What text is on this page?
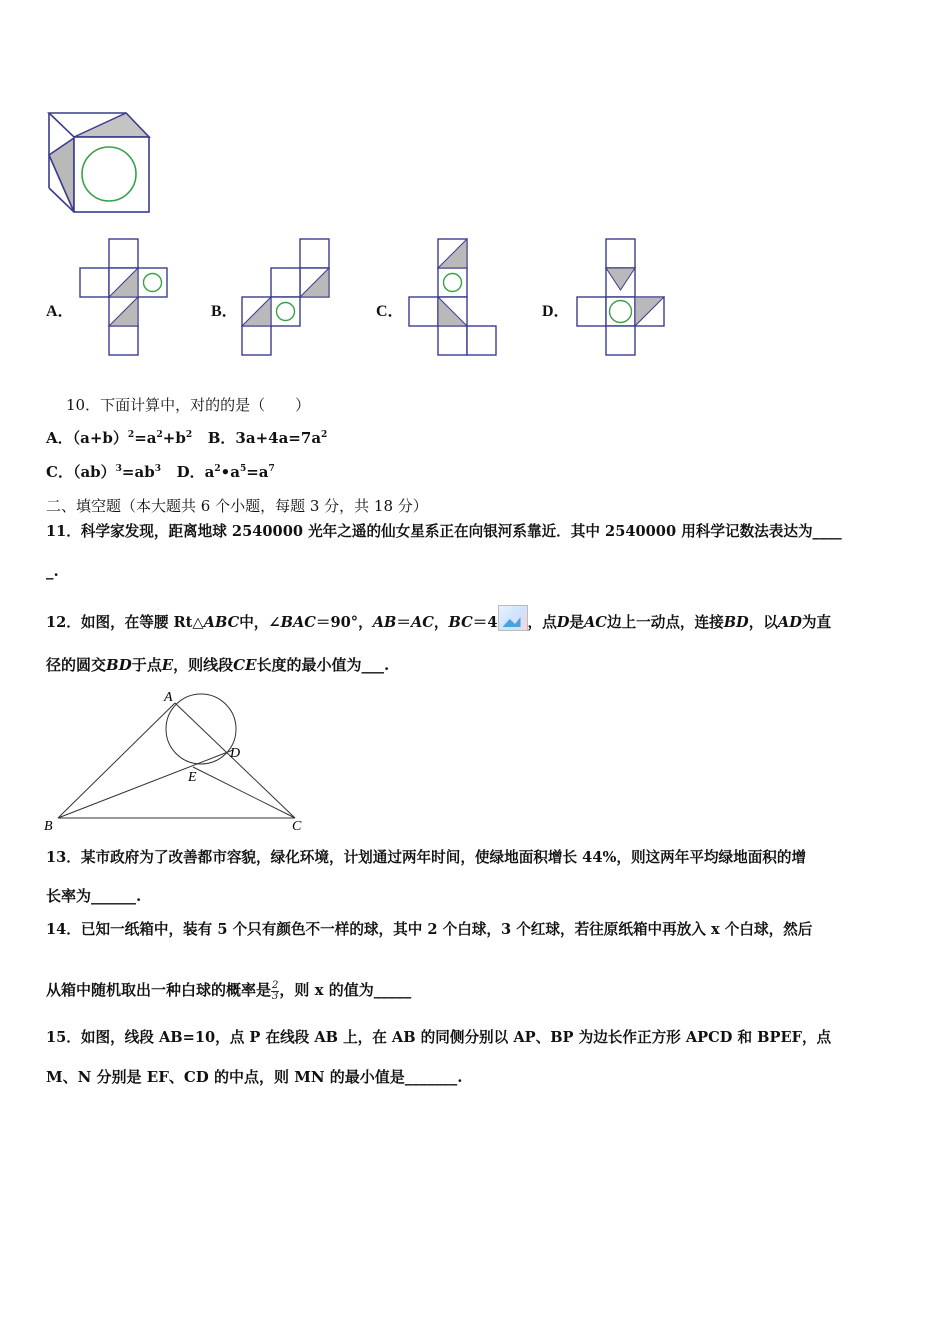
A．	B．	C．	D．
10．下面计算中，对的的是（　　）
A．$(a+b)^2=a^2+b^2$ B．$3a+4a=7a^2$
C．$(ab)^3=ab^3$ D．$a^2•a^5=a^7$
二、填空题（本大题共 6 个小题，每题 3 分，共 18 分）
11．科学家发现，距离地球 2540000 光年之遥的仙女星系正在向银河系靠近．其中 2540000 用科学记数法表达为____
_.
12．如图，在等腰 Rt△ABC中，∠BAC＝90°，AB＝AC，BC＝4 ，点D是AC边上一动点，连接BD，以AD为直
径的圆交BD于点E，则线段CE长度的最小值为___.
A
B	C
D
E
13．某市政府为了改善都市容貌，绿化环境，计划通过两年时间，使绿地面积增长 44%，则这两年平均绿地面积的增
长率为______.
14．已知一纸箱中，装有 5 个只有颜色不一样的球，其中 2 个白球，3 个红球，若往原纸箱中再放入 x 个白球，然后
从箱中随机取出一种白球的概率是 $\frac{2}{3}$ ，则 x 的值为_____
15．如图，线段 AB=10，点 P 在线段 AB 上，在 AB 的同侧分别以 AP、BP 为边长作正方形 APCD 和 BPEF，点
M、N 分别是 EF、CD 的中点，则 MN 的最小值是_______.
